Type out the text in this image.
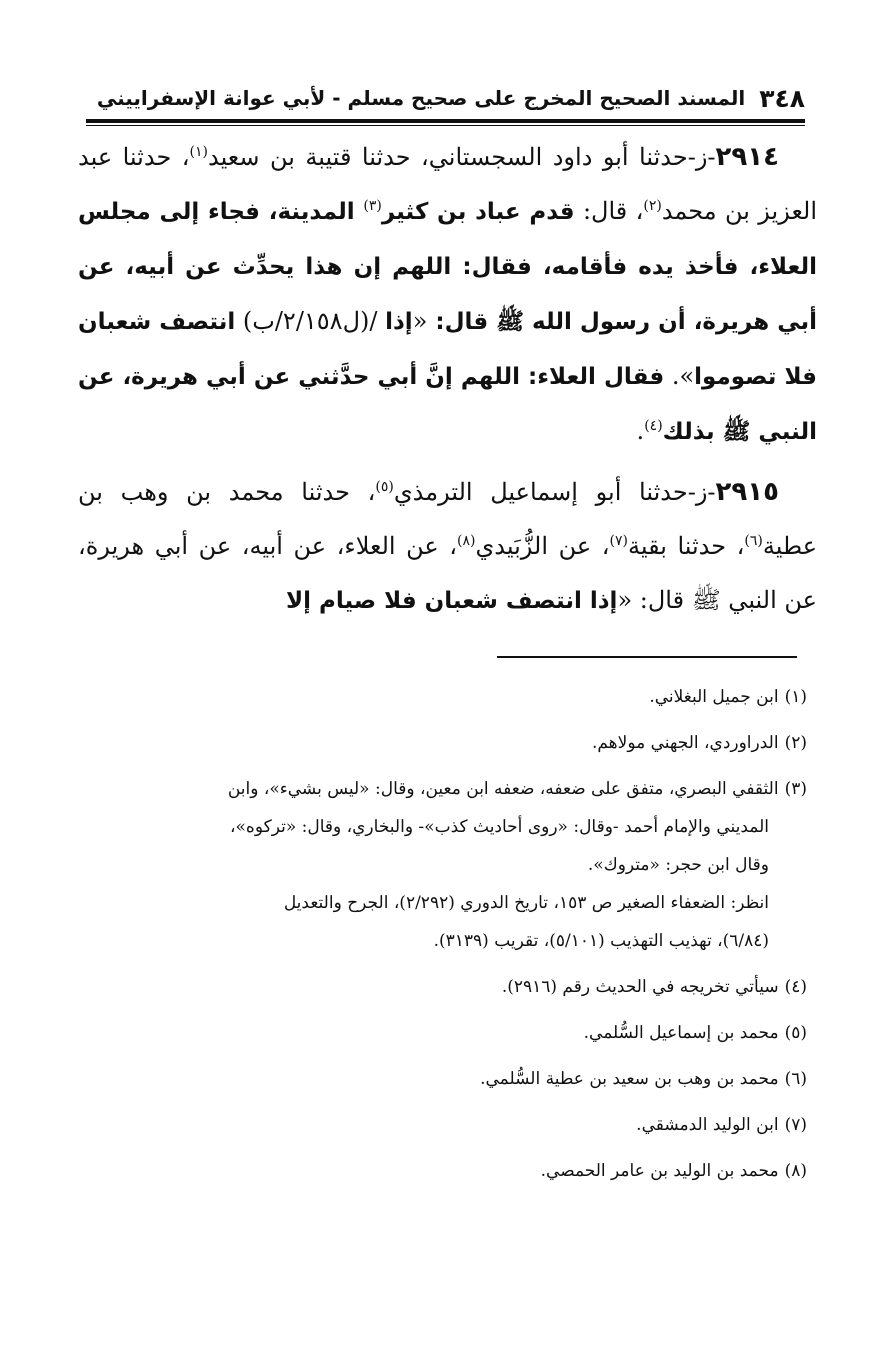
٣٤٨
المسند الصحيح المخرج على صحيح مسلم - لأبي عوانة الإسفراييني

٢٩١٤-ز-حدثنا أبو داود السجستاني، حدثنا قتيبة بن سعيد$^{(١)}$، حدثنا عبد العزيز بن محمد$^{(٢)}$، قال: قدم عباد بن كثير$^{(٣)}$ المدينة، فجاء إلى مجلس العلاء، فأخذ يده فأقامه، فقال: اللهم إن هذا يحدِّث عن أبيه، عن أبي هريرة، أن رسول الله ﷺ قال: «إذا /(ل٢/١٥٨/ب) انتصف شعبان فلا تصوموا». فقال العلاء: اللهم إنَّ أبي حدَّثني عن أبي هريرة، عن النبي ﷺ بذلك$^{(٤)}$.

٢٩١٥-ز-حدثنا أبو إسماعيل الترمذي$^{(٥)}$، حدثنا محمد بن وهب بن عطية$^{(٦)}$، حدثنا بقية$^{(٧)}$، عن الزُّبَيدي$^{(٨)}$، عن العلاء، عن أبيه، عن أبي هريرة، عن النبي ﷺ قال: «إذا انتصف شعبان فلا صيام إلا

(١)ابن جميل البغلاني.
(٢)الدراوردي، الجهني مولاهم.
(٣)الثقفي البصري، متفق على ضعفه، ضعفه ابن معين، وقال: «ليس بشيء»، وابن
المديني والإمام أحمد -وقال: «روى أحاديث كذب»- والبخاري، وقال: «تركوه»،
وقال ابن حجر: «متروك».
انظر: الضعفاء الصغير ص ١٥٣، تاريخ الدوري (٢/٢٩٢)، الجرح والتعديل
(٦/٨٤)، تهذيب التهذيب (٥/١٠١)، تقريب (٣١٣٩).
(٤)سيأتي تخريجه في الحديث رقم (٢٩١٦).
(٥)محمد بن إسماعيل السُّلمي.
(٦)محمد بن وهب بن سعيد بن عطية السُّلمي.
(٧)ابن الوليد الدمشقي.
(٨)محمد بن الوليد بن عامر الحمصي.
